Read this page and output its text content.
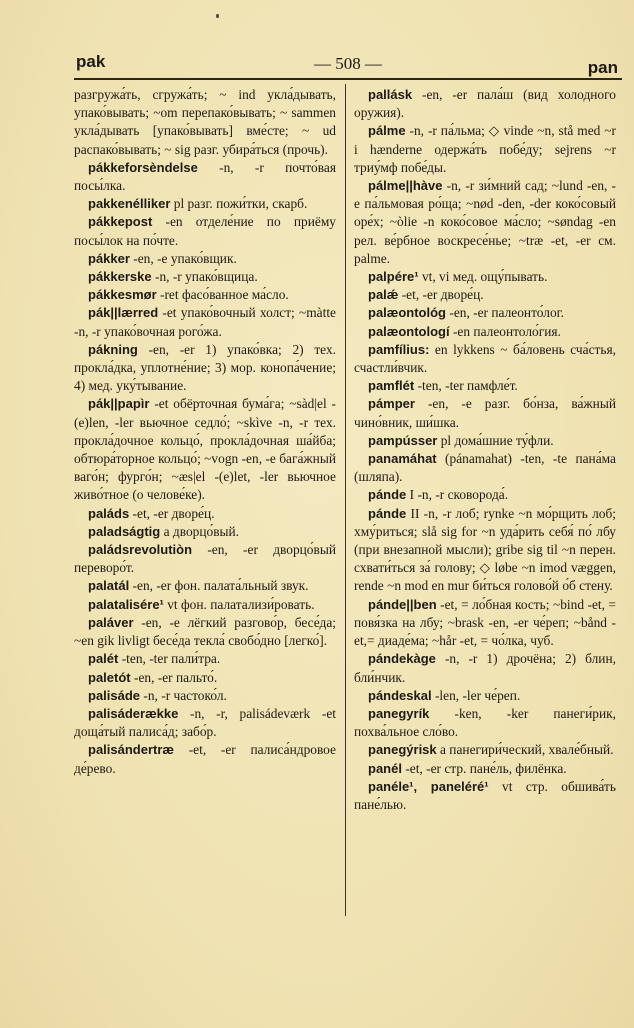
pak	— 508 —	pan

разгружа́ть, сгружа́ть; ~ ind укла́дывать, упако́вывать; ~om перепако́вывать; ~ sammen укла́дывать [упако́вывать] вме́сте; ~ ud распако́вывать; ~ sig разг. убира́ться (прочь).

pákkeforsèndelse -n, -r почто́вая посы́лка.

pakkenélliker pl разг. пожи́тки, скарб.

pákkepost -en отделе́ние по приёму посы́лок на по́чте.

pákker -en, -e упако́вщик.

pákkerske -n, -r упако́вщица.

pákkesmør -ret фасо́ванное ма́сло.

pák||lærred -et упако́вочный холст; ~màtte -n, -r упако́вочная рого́жа.

pákning -en, -er 1) упако́вка; 2) тех. прокла́дка, уплотне́ние; 3) мор. конопа́чение; 4) мед. уку́тывание.

pák||papìr -et обёрточная бума́га; ~sàd|el -(e)len, -ler вьючное седло́; ~skìve -n, -r тех. прокла́дочное кольцо́, прокла́дочная ша́йба; обтюра́торное кольцо́; ~vogn -en, -e бага́жный ваго́н; фурго́н; ~æs|el -(e)let, -ler вьючное живо́тное (о челове́ке).

paláds -et, -er дворе́ц.

paladságtig a дворцо́вый.

paládsrevolutiòn -en, -er дворцо́вый переворо́т.

palatál -en, -er фон. палата́льный звук.

palatalisére¹ vt фон. палатализи́ровать.

paláver -en, -e лёгкий разгово́р, бесе́да; ~en gik livligt бесе́да текла́ свобо́дно [легко́].

palét -ten, -ter пали́тра.

paletót -en, -er пальто́.

palisáde -n, -r частоко́л.

palisáderække -n, -r, palisádeværk -et доща́тый палиса́д; забо́р.

palisándertræ -et, -er палиса́ндровое де́рево.

pallásk -en, -er пала́ш (вид холодного оружия).

pálme -n, -r па́льма; ◇ vinde ~n, stå med ~r i hænderne одержа́ть побе́ду; sejrens ~r триу́мф побе́ды.

pálme||hàve -n, -r зи́мний сад; ~lund -en, -e па́льмовая ро́ща; ~nød -den, -der коко́совый оре́х; ~òlie -n коко́совое ма́сло; ~søndag -en рел. ве́рбное воскресе́нье; ~træ -et, -er см. palme.

palpére¹ vt, vi мед. ощу́пывать.

palǽ -et, -er дворе́ц.

palæontológ -en, -er палеонто́лог.

palæontologí -en палеонтоло́гия.

pamfílius: en lykkens ~ ба́ловень сча́стья, счастли́вчик.

pamflét -ten, -ter памфле́т.

pámper -en, -e разг. бо́нза, ва́жный чино́вник, ши́шка.

pampússer pl дома́шние ту́фли.

panamáhat (pánamahat) -ten, -te пана́ма (шляпа).

pánde I -n, -r сковорода́.

pánde II -n, -r лоб; rynke ~n мо́рщить лоб; хму́риться; slå sig for ~n уда́рить себя́ по́ лбу (при внезапной мысли); gribe sig til ~n перен. схвати́ться за́ голову; ◇ løbe ~n imod væggen, rende ~n mod en mur би́ться голово́й о́б стену.

pánde||ben -et, = ло́бная кость; ~bind -et, = повя́зка на лбу; ~brask -en, -er че́реп; ~bånd -et,= диаде́ма; ~hår -et, = чо́лка, чуб.

pándekàge -n, -r 1) дрочёна; 2) блин, бли́нчик.

pándeskal -len, -ler че́реп.

panegyrík -ken, -ker панеги́рик, похва́льное сло́во.

panegýrisk a панегири́ческий, хвале́бный.

panél -et, -er стр. пане́ль, филёнка.

panéle¹, paneléré¹ vt стр. обшива́ть пане́лью.
